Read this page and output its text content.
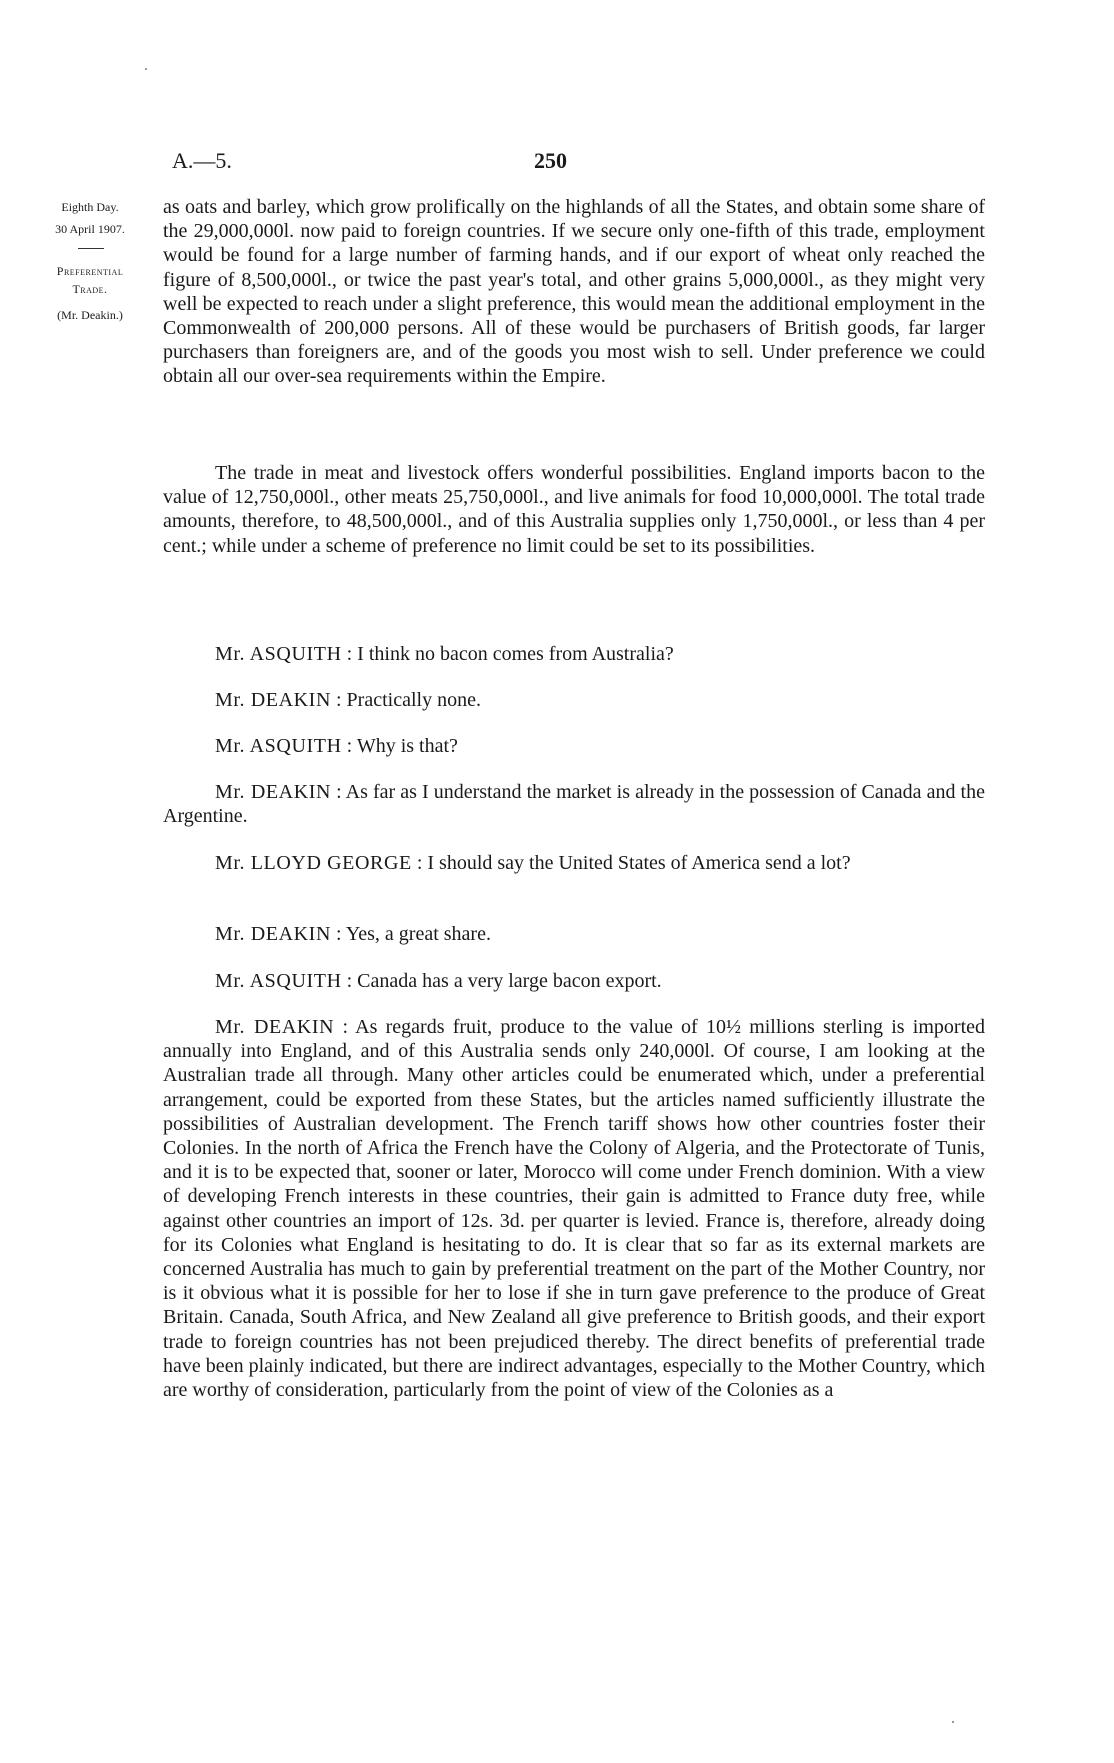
A.—5.	250
Eighth Day.
30 April 1907.
Preferential
Trade.
(Mr. Deakin.)
as oats and barley, which grow prolifically on the highlands of all the States, and obtain some share of the 29,000,000l. now paid to foreign countries. If we secure only one-fifth of this trade, employment would be found for a large number of farming hands, and if our export of wheat only reached the figure of 8,500,000l., or twice the past year's total, and other grains 5,000,000l., as they might very well be expected to reach under a slight preference, this would mean the additional employment in the Commonwealth of 200,000 persons. All of these would be purchasers of British goods, far larger purchasers than foreigners are, and of the goods you most wish to sell. Under preference we could obtain all our over-sea requirements within the Empire.
The trade in meat and livestock offers wonderful possibilities. England imports bacon to the value of 12,750,000l., other meats 25,750,000l., and live animals for food 10,000,000l. The total trade amounts, therefore, to 48,500,000l., and of this Australia supplies only 1,750,000l., or less than 4 per cent.; while under a scheme of preference no limit could be set to its possibilities.
Mr. ASQUITH : I think no bacon comes from Australia?
Mr. DEAKIN : Practically none.
Mr. ASQUITH : Why is that?
Mr. DEAKIN : As far as I understand the market is already in the possession of Canada and the Argentine.
Mr. LLOYD GEORGE : I should say the United States of America send a lot?
Mr. DEAKIN : Yes, a great share.
Mr. ASQUITH : Canada has a very large bacon export.
Mr. DEAKIN : As regards fruit, produce to the value of 10½ millions sterling is imported annually into England, and of this Australia sends only 240,000l. Of course, I am looking at the Australian trade all through. Many other articles could be enumerated which, under a preferential arrangement, could be exported from these States, but the articles named sufficiently illustrate the possibilities of Australian development. The French tariff shows how other countries foster their Colonies. In the north of Africa the French have the Colony of Algeria, and the Protectorate of Tunis, and it is to be expected that, sooner or later, Morocco will come under French dominion. With a view of developing French interests in these countries, their gain is admitted to France duty free, while against other countries an import of 12s. 3d. per quarter is levied. France is, therefore, already doing for its Colonies what England is hesitating to do. It is clear that so far as its external markets are concerned Australia has much to gain by preferential treatment on the part of the Mother Country, nor is it obvious what it is possible for her to lose if she in turn gave preference to the produce of Great Britain. Canada, South Africa, and New Zealand all give preference to British goods, and their export trade to foreign countries has not been prejudiced thereby. The direct benefits of preferential trade have been plainly indicated, but there are indirect advantages, especially to the Mother Country, which are worthy of consideration, particularly from the point of view of the Colonies as a
